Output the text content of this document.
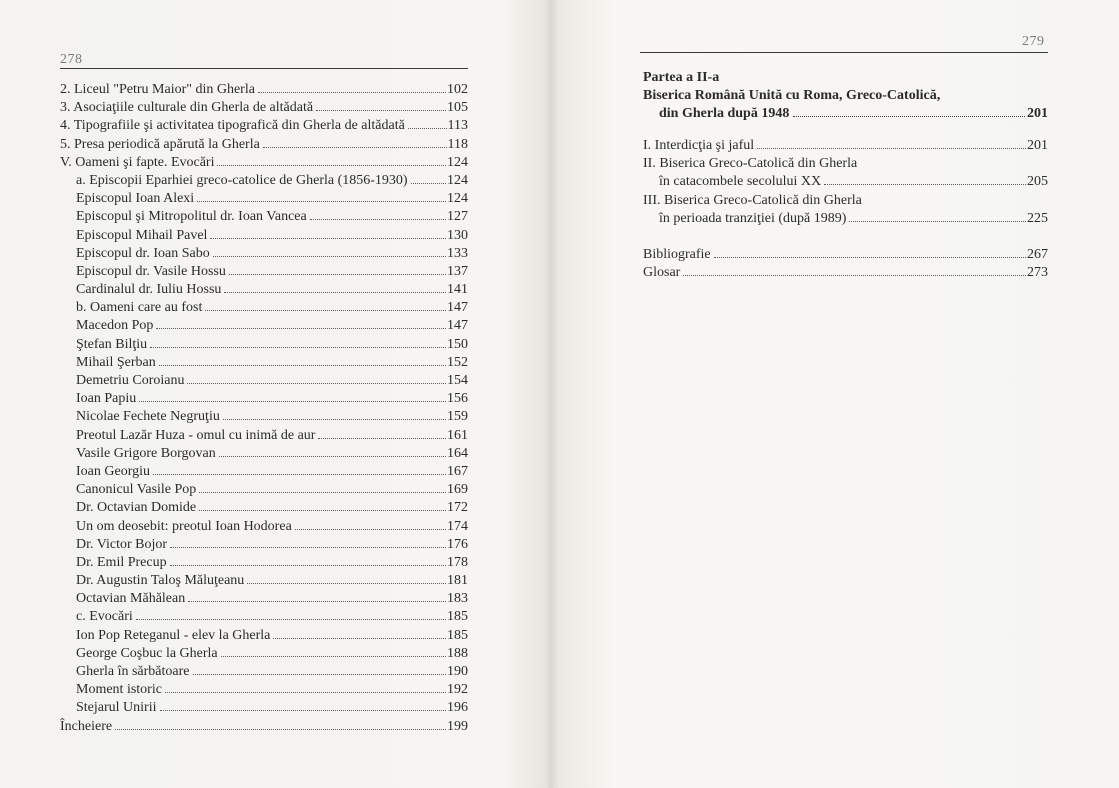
278
2. Liceul "Petru Maior" din Gherla	102
3. Asociaţiile culturale din Gherla de altădată	105
4. Tipografiile şi activitatea tipografică din Gherla de altădată	113
5. Presa periodică apărută la Gherla	118
V. Oameni şi fapte. Evocări	124
a. Episcopii Eparhiei greco-catolice de Gherla (1856-1930)	124
Episcopul Ioan Alexi	124
Episcopul şi Mitropolitul dr. Ioan Vancea	127
Episcopul Mihail Pavel	130
Episcopul dr. Ioan Sabo	133
Episcopul dr. Vasile Hossu	137
Cardinalul dr. Iuliu Hossu	141
b. Oameni care au fost	147
Macedon Pop	147
Ştefan Bilţiu	150
Mihail Şerban	152
Demetriu Coroianu	154
Ioan Papiu	156
Nicolae Fechete Negruţiu	159
Preotul Lazăr Huza - omul cu inimă de aur	161
Vasile Grigore Borgovan	164
Ioan Georgiu	167
Canonicul Vasile Pop	169
Dr. Octavian Domide	172
Un om deosebit: preotul Ioan Hodorea	174
Dr. Victor Bojor	176
Dr. Emil Precup	178
Dr. Augustin Taloş Măluţeanu	181
Octavian Măhălean	183
c. Evocări	185
Ion Pop Reteganul - elev la Gherla	185
George Coşbuc la Gherla	188
Gherla în sărbătoare	190
Moment istoric	192
Stejarul Unirii	196
Încheiere	199
279
Partea a II-a
Biserica Română Unită cu Roma, Greco-Catolică,
din Gherla după 1948	201
I. Interdicţia şi jaful	201
II. Biserica Greco-Catolică din Gherla
în catacombele secolului XX	205
III. Biserica Greco-Catolică din Gherla
în perioada tranziţiei (după 1989)	225
Bibliografie	267
Glosar	273
